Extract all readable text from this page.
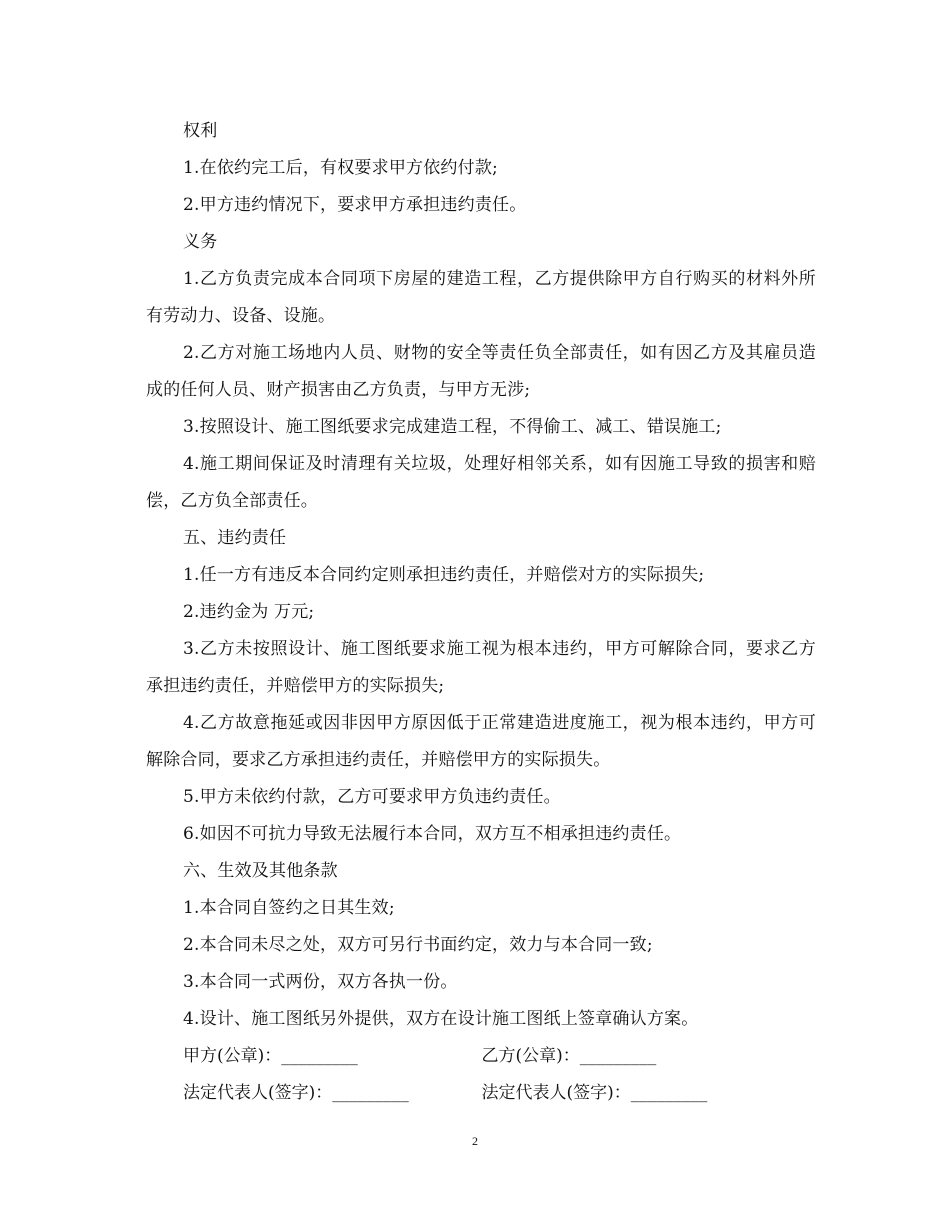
权利

1.在依约完工后，有权要求甲方依约付款;

2.甲方违约情况下，要求甲方承担违约责任。

义务

1.乙方负责完成本合同项下房屋的建造工程，乙方提供除甲方自行购买的材料外所有劳动力、设备、设施。

2.乙方对施工场地内人员、财物的安全等责任负全部责任，如有因乙方及其雇员造成的任何人员、财产损害由乙方负责，与甲方无涉;

3.按照设计、施工图纸要求完成建造工程，不得偷工、减工、错误施工;

4.施工期间保证及时清理有关垃圾，处理好相邻关系，如有因施工导致的损害和赔偿，乙方负全部责任。

五、违约责任

1.任一方有违反本合同约定则承担违约责任，并赔偿对方的实际损失;

2.违约金为 万元;

3.乙方未按照设计、施工图纸要求施工视为根本违约，甲方可解除合同，要求乙方承担违约责任，并赔偿甲方的实际损失;

4.乙方故意拖延或因非因甲方原因低于正常建造进度施工，视为根本违约，甲方可解除合同，要求乙方承担违约责任，并赔偿甲方的实际损失。

5.甲方未依约付款，乙方可要求甲方负违约责任。

6.如因不可抗力导致无法履行本合同，双方互不相承担违约责任。

六、生效及其他条款

1.本合同自签约之日其生效;

2.本合同未尽之处，双方可另行书面约定，效力与本合同一致;

3.本合同一式两份，双方各执一份。

4.设计、施工图纸另外提供，双方在设计施工图纸上签章确认方案。

甲方(公章)：_________	乙方(公章)：_________
法定代表人(签字)：_________	法定代表人(签字)：_________
2
